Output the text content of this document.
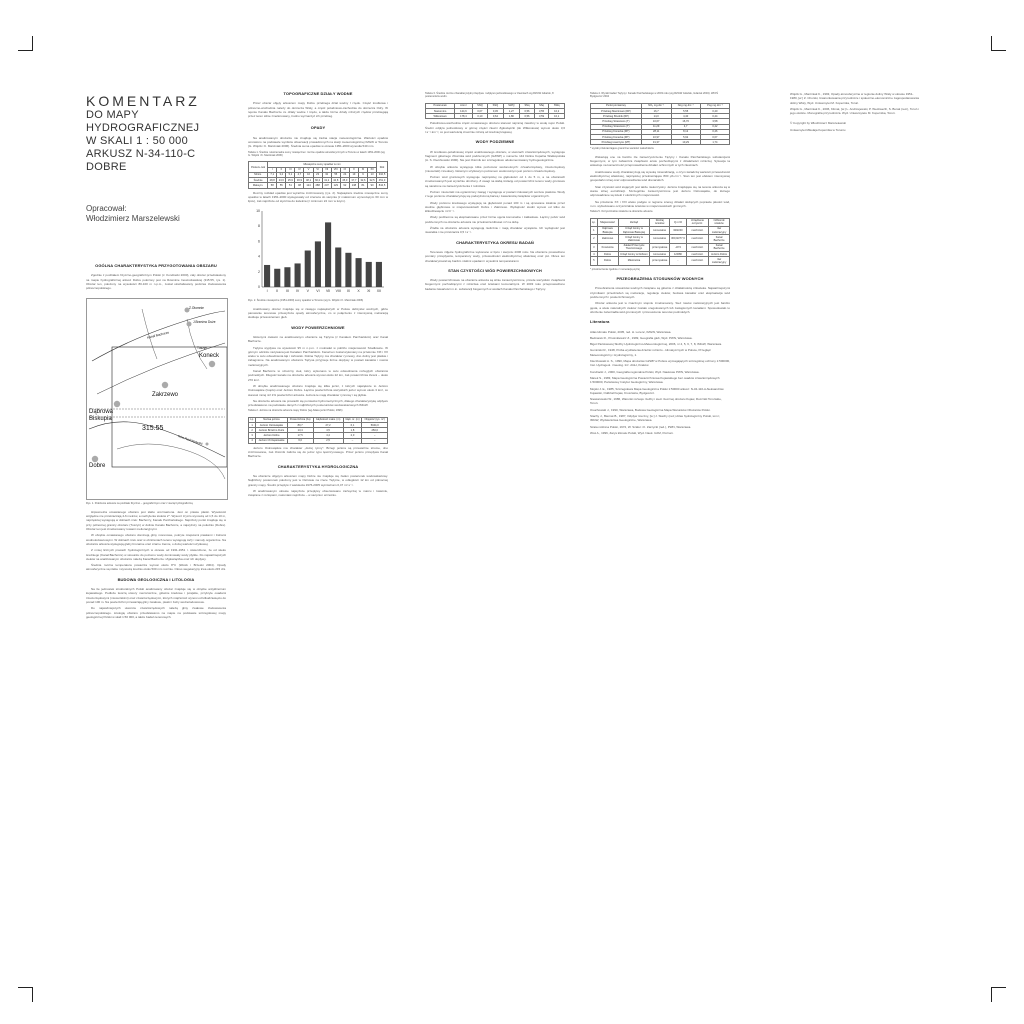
KOMENTARZ
DO MAPY HYDROGRAFICZNEJ
W SKALI 1 : 50 000
ARKUSZ N-34-110-C
DOBRE
Opracował:
Włodzimierz Marszelewski
OGÓLNA CHARAKTERYSTYKA PRZYGOTOWANIA OBSZARU

Zgodnie z podziałem fizyczno-geograficznym Polski (J. Kondracki 2000), cały obszar przedstawiony na mapie hydrograficznej arkusz Dobre położony jest na Równinie Inowrocławskiej (315.55, rys. 1). Obszar ten, położony na wysokości 80-100 m n.p.m., został ukształtowany podczas zlodowacenia północnopolskiego.

Z.Otomnie
J.Brzeźno Duże
Kanał Bachorze
Tuszyn
Koneck
Dąbrowa
Biskupia
Zakrzewo
315.55
Rów Radziejowski
Dobre
Rys. 1. Położenie arkusza na podziale fizyczno – geograficznym oraz z siecią hydrograficzną

Hipsometria omawianego obszaru jest słabo urozmaicona. Jest on prawie płaski. Wysokości względne nie przekraczają 4-6 metrów, a nachylenia stoków 2°. Wysocz zryczo wynoszą od 1,5 do 10 m, najczęściej występują w dolinach rzek: Bachorzy, Kanału Parchańskiego. Najniższy punkt znajduje się w przy północnej granicy obszaru (Tuszyn) w dolinie Kanału Bachorze, a najwyższy na południu (Dobre). Obszar ten jest zmeliorowany rowami melioracyjnymi.

W obrębie omawianego obszaru dominują gliny morenowe, pokryte miejscami piaskami i żwirami wodnolodowcowymi. W dolinach rzek oraz w obniżeniach terenu występują torfy i namuły organiczne. Na obszarze arkusza występują gleby brunatne oraz czarne ziemie, o dużej wartości użytkowej.

Z mniej licznych pracach hydrologicznych w okresie od 1931-1951 r. stwierdzono, że od wieku średniego (Kanał Bachorze) w stosunku do poziomu wody dominowały wody płytkie. Do najważniejszych cieków na analizowanym obszarze należą Kanał Bachorze i Zgłowiączka oraz ich dopływy.

Średnia roczna temperatura powietrza wynosi około 8°C (Wosik i Brzeski 2004). Opady atmosferyczne są niskie i wynoszą średnio około 500 mm rocznie. Okres wegetacyjny trwa około 215 dni.

BUDOWA GEOLOGICZNA I LITOLOGIA

Na tle jednostek strukturalnych Polski analizowany obszar znajduje się w obrębie antyklinorium kujawskiego. Podłoże tworzą utwory mezozoiczne, głównie kredowe i jurajskie, przykryte osadami trzeciorzędowymi (mioceńskimi) oraz czwartorzędowymi, których miąższość wynosi od kilkudziesięciu do ponad 100 m. Na powierzchni przeważają gliny zwałowe, piaski i żwiry wodnolodowcowe.

Do najważniejszych utworów czwartorzędowych należą gliny zwałowe zlodowacenia północnopolskiego. Litologię obszaru przedstawiono na mapie na podstawie szczegółowej mapy geologicznej Polski w skali 1:50 000, a także badań terenowych.

TOPOGRAFICZNE DZIAŁY WODNE

Przez obszar objęty arkuszem mapy Dobre przebiega dział wodny I rzędu. Część środkowa i północno-wschodnia należy do dorzecza Wisły, a część południowo-zachodnia do dorzecza Odry. W rejonie Kanału Bachorze ze działy wodne I rzędu, a także liczne działy niższych rzędów przebiegają przez teren silnie zmeliorowany, trudno wyznaczyć ich przebieg.

OPADY

Na analizowanym obszarze nie znajduje się żadna stacja meteorologiczna. Wartości opadów omówiono na podstawie wyników obserwacji prowadzonych na stacji meteorologicznej IMGW w Toruniu (G. Wójcik i K. Marciniak 2006). Średnia suma opadów w okresie 1951-2000 wynosiła 540 mm.

Tabela 1. Średnie i ekstremalne sumy miesięczne i roczne opadów atmosferycznych w Toruniu w latach 1951-2000 (wg G. Wójcik i K. Marciniak 2006)
Posteru-nek	Miesięczne sumy opadów w mm												Rok
	I	II	III	IV	V	VI	VII	VIII	IX	X	XI	XII	
Minim.	7,1	3,2	5,1	4,7	16	23	32	55	24	19	9	13	310,5
Średnie	28,8	23,6	25,9	30,9	48,1	60,2	41,2	44,8	45,0	37,7	32,6	32,5	451,3
Maksym.	58	55	51	98	124	288	237	129	92	138	81	90	844,5

Roczny rozkład opadów jest wyraźnie zróżnicowany (rys. 2). Największe średnie miesięczne sumy opadów w latach 1951-2000 występowały od czerwca do sierpnia (z maksimum wynoszącym 60 mm w lipcu), zaś najniższe od stycznia do kwietnia (z minimum 24 mm w lutym).

10
8
6
4
2
0
I II III IV V VI VII VIII IX X XI XII
Rys. 2. Średnie miesięczne (1951-2000) sumy opadów w Toruniu (wg G. Wójcik i K. Marciniak 2006)

Analizowany obszar znajduje się w zasięgu największych w Polsce deficytów wodnych, gdzie parowanie terenowe przewyższa opady atmosferyczne, co w połączeniu z intensywną melioracją skutkuje przesuszeniem gleb.

WODY POWIERZCHNIOWE

Głównymi ciekami na analizowanym obszarze są Tążyna (z Kanałem Parchańskim) oraz Kanał Bachorze.

Tążyna wypływa na wysokości 95 m n.p.m. z mokradeł w pobliżu miejscowości Szadłowice. W górnym odcinku nazywana jest Kanałem Parchańskim. Kanał ten został wykonany na przełomie XIX i XX wieku w celu odwodnienia łąk i torfowisk. Dolina Tążyny ma charakter rynnowy, dno doliny jest płaskie i zabagnione. Na analizowanym obszarze Tążyna przyjmuje liczne dopływy w postaci kanałów i rowów melioracyjnych.

Kanał Bachorze to sztuczny ciek, który wykonano w celu odwodnienia rozległych obszarów podmokłych. Długość kanału na obszarze arkusza wynosi około 22 km, zaś powierzchnia zlewni – około 270 km².

W obrębie analizowanego obszaru znajduje się kilka jezior, z których największe to Jezioro Ostrowąskie (Gopło) oraz Jezioro Dobre. Łączna powierzchnia wszystkich jezior wynosi około 3 km², co stanowi mniej niż 1% powierzchni arkusza. Jeziora te mają charakter rynnowy i są płytkie.

Na obszarze arkusza nie prowadzi się pomiarów hydrometrycznych, dlatego charakterystykę odpływu przedstawiono na podstawie danych z najbliższych posterunków wodowskazowych IMGW.

Tabela 2. Jeziora na obszarze arkusza mapy Dobre (wg Atlasu jezior Polski, 1996)
Lp.	Nazwa jeziora	Powierzchnia (ha)	Głębokość maks. (m)	Głęb. śr. (m)	Objętość (tys. m³)
1	Jezioro Ostrowąskie	80,7	27,2	6,1	5044,0
2	Jezioro Brzeźno Duże	13,4	4,5	1,8	250,0
3	Jezioro Dobre	17,5	4,4	2,0	–
4	Jezioro Chrząstowskie	6,0	2,5	–	–

Jezioro Ostrowąskie ma charakter „dużej rynny”. Brzegi jeziora są przeważnie strome, dno zróżnicowane, zaś zbiornik zalicza się do jezior typu łęszczynowego. Przez jezioro przepływa Kanał Bachorze.

CHARAKTERYSTYKA HYDROLOGICZNA

Na obszarze objętym arkuszem mapy Dobre nie znajduje się żaden posterunek wodowskazowy. Najbliższy posterunek położony jest w Ostrowie na rzece Tążynie, w odległości 12 km od północnej granicy mapy. Średni przepływ z wielolecia 1976-2005 wyniósł tam 0,47 m³·s⁻¹.

W analizowanym okresie najwyższe przepływy obserwowano zazwyczaj w marcu i kwietniu, związane z roztopami, natomiast najniższe – w sierpniu i wrześniu.

Tabela 3. Średnie roczne charakterystyki przepływu i odpływu jednostkowego w zlewniach wg RZGW Gdańsk, 8 posterunków wodn.
Posterunek	A km²	SNQ	SSQ	SWQ	SNq	SSq	SWq
Stanomino	124,6	0,07	0,45	1,27	0,56	3,55	10,2
Wilkostowo	178,4	0,10	0,64	1,80	0,56	3,59	10,1

Południowo-wschodnia część omawianego obszaru stanowi najmniej zasobny w wodę rejon Polski. Średni odpływ jednostkowy w górnej części zlewni Zgłowiączki (do Wilkostowa) wynosi około 3,6 l·s⁻¹·km⁻², co jest wartością znacznie niższą od średniej krajowej.

WODY PODZIEMNE

W środkowo-południowej części analizowanego obszaru, w utworach czwartorzędowych, występuje fragment głównego zbiornika wód podziemnych (GZWP) o numerze 144 Dolina Kopalna Wielkopolska (A. S. Kleczkowski 1990). Nie jest zbiornik ten szczegółowo udokumentowany hydrogeologicznie.

W obrębie arkusza występuje kilka poziomów wodonośnych: czwartorzędowy, trzeciorzędowy (mioceński) i kredowy. Głównym użytkowym poziomem wodonośnym jest poziom czwartorzędowy.

Poziom wód gruntowych występuje najczęściej na głębokości od 1 do 5 m, a na obszarach zmeliorowanych jest wyraźnie obniżony. Z uwagi na słabą izolację od powierzchni terenu wody gruntowe są narażone na zanieczyszczenia z rolnictwa.

Poziom mioceński ma ograniczony zasięg i występuje w postaci izolowanych soczew piasków. Wody z tego poziomu charakteryzują się podwyższoną barwą i zawartością związków organicznych.

Wody poziomu kredowego występują na głębokości ponad 100 m i są ujmowane lokalnie przez studnie głębinowe w miejscowościach Dobre i Zakrzewo. Wydajność studni wynosi od kilku do kilkudziesięciu m³·h⁻¹.

Wody podziemne są eksploatowane przez liczne ujęcia komunalne i zakładowe. Łączny pobór wód podziemnych na obszarze arkusza nie przekracza kilkuset m³ na dobę.

Źródła na obszarze arkusza występują nielicznie i mają charakter wysięków. Ich wydajność jest niewielka i nie przekracza 0,5 l·s⁻¹.

CHARAKTERYSTYKA OKRESU BADAŃ

Terenowe zdjęcie hydrograficzne wykonano w lipcu i sierpniu 2006 roku. Na obszarze prowadzono pomiary przepływów, temperatury wody, przewodności elektrolitycznej właściwej oraz pH. Okres ten charakteryzował się bardzo niskimi opadami i wysokimi temperaturami.

STAN CZYSTOŚCI WÓD POWIERZCHNIOWYCH

Wody powierzchniowe na obszarze arkusza są silnie zanieczyszczone, przede wszystkim związkami biogennymi pochodzącymi z rolnictwa oraz ściekami komunalnymi. W 2003 roku przeprowadzono badania zawartości m.in. substancji biogennych w wodach Kanału Parchańskiego i Tążyny.

Tabela 4. Wyniki badań Tążyny i Kanału Parchańskiego w 2003 roku (wg RZGW Gdańsk, Gdańsk 2004). WIOŚ Bydgoszcz 2004
Punkt pomiarowy	NO₃ mg·dm⁻³	Nog mg·dm⁻³	Pog mg·dm⁻³
Przebieg Marcinowo (RP)	16,7	5,55	0,40
Przebieg Brudnik (RP)	14,0	4,40	0,44
Przebieg Straszewo (T)	10,67	16,70	3,58
Przebieg Straszewo (T)	11,29	4,7	0,42
Przebieg Konecka (MT)	28,11	8,12	0,46
Przebieg Konecka (MT)	10,97	5,92	0,67
Przebieg Łowczyce (MT)	31,37	10,29	1,74
* wyniki przekraczające graniczne wartości wskaźników

Wskazują one na bardzo złe zanieczyszczenie Tążyny i Kanału Parchańskiego substancjami biogennymi, w tym zwłaszcza związkami azotu pochodzącymi z działalności rolniczej. Sytuacja ta wskazuje na konieczność przeprowadzenia działań ochronnych w tych zlewniach.

Analizowane wody charakteryzują się wysoką mineralizacją, o czym świadczą wartości przewodności elektrolitycznej właściwej, najczęściej przekraczające 800 µS·cm⁻¹. Stan ten jest efektem intensywnej gospodarki rolnej oraz odprowadzania wód drenarskich.

Stan czystości wód stojących jest także niekorzystny. Jeziora znajdujące się na terenie arkusza są w stanie silnej eutrofizacji. Szczególnie zanieczyszczone jest Jezioro Ostrowąskie, do którego odprowadzane są ścieki z okolicznych miejscowości.

Na przełomie XX i XXI wieku podjęto w regionie szereg działań służących poprawie jakości wód, m.in. wybudowano oczyszczalnie ścieków w miejscowościach gminnych.

Tabela 5. Oczyszczalnie ścieków na obszarze arkusza
Lp.	Miejscowość	Zarząd	Rodzaj ścieków	Q m³/d	Urządzenie oczyszcz.	Odbiornik ścieków
1	Dąbrowa Biskupia	Urząd Gminy w Dąbrowie Biskupiej	komunalne	320/240	mech-biol.	rów melioracyjny
2	Zakrzewo	Urząd Gminy w Zakrzewie	komunalne	300,0/277,6	mech-biol.	Kanał Bachorze
3	Kruszwica	Zakład Przemysłu Tłuszczowego	przemysłowe	-/274	mech-biol.	Kanał Bachorze
4	Dobre	Urząd Gminy w Dobrem	komunalne	120/80	mech-biol.	Jezioro Dobre
5	Dobre	Mleczarnia	przemysłowe	-	mech-biol.	rów melioracyjny
* przekroczenia zgodnie z numeracją wyżej
PRZEOBRAŻENIA STOSUNKÓW WODNYCH

Przeobrażenia stosunków wodnych związane są głównie z działalnością człowieka. Najważniejszymi czynnikami przeobrażeń są melioracje, regulacje cieków, budowa kanałów oraz eksploatacja wód podziemnych i powierzchniowych.

Obszar arkusza jest w znacznym stopniu zmeliorowany. Sieć rowów melioracyjnych jest bardzo gęsta, a wiele naturalnych cieków zostało uregulowanych lub zastąpionych kanałami. Spowodowało to obniżenie zwierciadła wód gruntowych i przesuszenie terenów podmokłych.

Literatura

Atlas klimatu Polski, 2005, red. H. Lorenc, IMGW, Warszawa.

Bednarek R., Prusinkiewicz Z., 1999, Geografia gleb, Wyd. PWN, Warszawa.

Bigot Państwowej Służby Hydrologiczno-Meteorologicznej, 2006, nr 4, 5, 6, 7, 8, IMGW, Warszawa.

Gumiński R., 1948, Próba wydzielenia dzielnic rolniczo - klimatycznych w Polsce, Przegląd Meteorologiczny i Hydrologiczny, 1.

Kleczkowski A. S., 1990, Mapa obszarów GZWP w Polsce wymagających szczególnej ochrony 1:500000, Inst. Hydrogeol. i Geolog. Inż. AGH, Kraków.

Kondracki J., 2000, Geografia regionalna Polski, Wyd. Naukowe PWN, Warszawa.

Marek S., 1983, Mapa Geologiczna Powierzchniowa Kujawskiego bez osadów czwartorzędowych 1:500000, Państwowy Instytut Geologiczny, Warszawa.

Mojski J. E., 1985, Szczegółowa Mapa Geologiczna Polski 1:50000 arkusz: N-34-110-A Aleksandrów Kujawski, Oddział Kujaw, Kruszwica, Bydgoszcz.

Niewiarowski W., 1986, Warunki rozwoju rzeźby i sieci rzecznej obszaru Kujaw, Roczniki Toruńskie, Toruń.

Osuchowski J., 1990, Warszawa, Budowa Geologiczna Mapa Warunków Obszarów Polski.

Stachy J., Biernat B., 1987, Odpływ rzeczny, [w:] J. Stachy (red.) Atlas hydrologiczny Polski, tom I, IMGW, Wydawnictwa Geologiczne, Warszawa.

Szata roślinna Polski, 1972, W. Szafer i K. Zarzycki (red.), PWN, Warszawa.

Woś A., 1996, Zarys klimatu Polski, Wyd. Nauk. UAM, Poznań.

Wójcik G., Marciniak K., 1993, Opady atmosferyczne w regionie doliny Wisły w okresie 1951-1980, [w:] Z. Churski, Uwarunkowania przyrodnicze i społeczno-ekonomiczne zagospodarowania doliny Wisły, Wyd. Uniwersytet M. Kopernika, Toruń.

Wójcik G., Marciniak K., 2006, Klimat, [w:] L. Andrzejewski, P. Weckwerth, S. Burak (red.), Toruń i jego okolice. Monografia przyrodnicza. Wyd. Uniwersytetu M. Kopernika, Toruń.

© Copyright by Włodzimierz Marszelewski
Uniwersytet Mikołaja Kopernika w Toruniu
